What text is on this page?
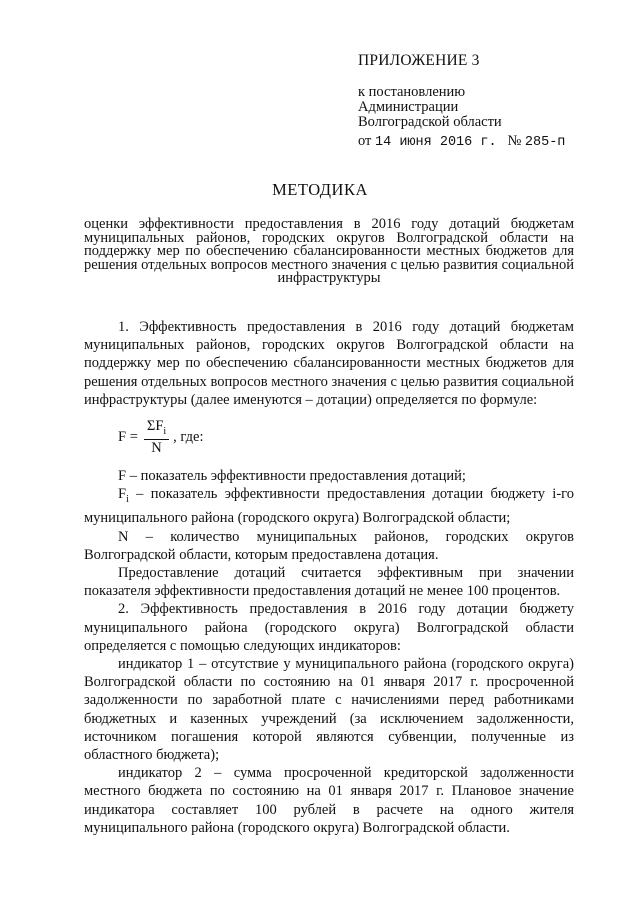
ПРИЛОЖЕНИЕ 3
к постановлению
Администрации
Волгоградской области
от 14 июня 2016 г. № 285-п
МЕТОДИКА
оценки эффективности предоставления в 2016 году дотаций бюджетам муниципальных районов, городских округов Волгоградской области на поддержку мер по обеспечению сбалансированности местных бюджетов для решения отдельных вопросов местного значения с целью развития социальной инфраструктуры

1. Эффективность предоставления в 2016 году дотаций бюджетам муниципальных районов, городских округов Волгоградской области на поддержку мер по обеспечению сбалансированности местных бюджетов для решения отдельных вопросов местного значения с целью развития социальной инфраструктуры (далее именуются – дотации) определяется по формуле:

$F = \frac{\Sigma F_i}{N}$ , где:

F – показатель эффективности предоставления дотаций;

$F_i$ – показатель эффективности предоставления дотации бюджету i-го муниципального района (городского округа) Волгоградской области;

N – количество муниципальных районов, городских округов Волгоградской области, которым предоставлена дотация.

Предоставление дотаций считается эффективным при значении показателя эффективности предоставления дотаций не менее 100 процентов.

2. Эффективность предоставления в 2016 году дотации бюджету муниципального района (городского округа) Волгоградской области определяется с помощью следующих индикаторов:

индикатор 1 – отсутствие у муниципального района (городского округа) Волгоградской области по состоянию на 01 января 2017 г. просроченной задолженности по заработной плате с начислениями перед работниками бюджетных и казенных учреждений (за исключением задолженности, источником погашения которой являются субвенции, полученные из областного бюджета);

индикатор 2 – сумма просроченной кредиторской задолженности местного бюджета по состоянию на 01 января 2017 г. Плановое значение индикатора составляет 100 рублей в расчете на одного жителя муниципального района (городского округа) Волгоградской области.
